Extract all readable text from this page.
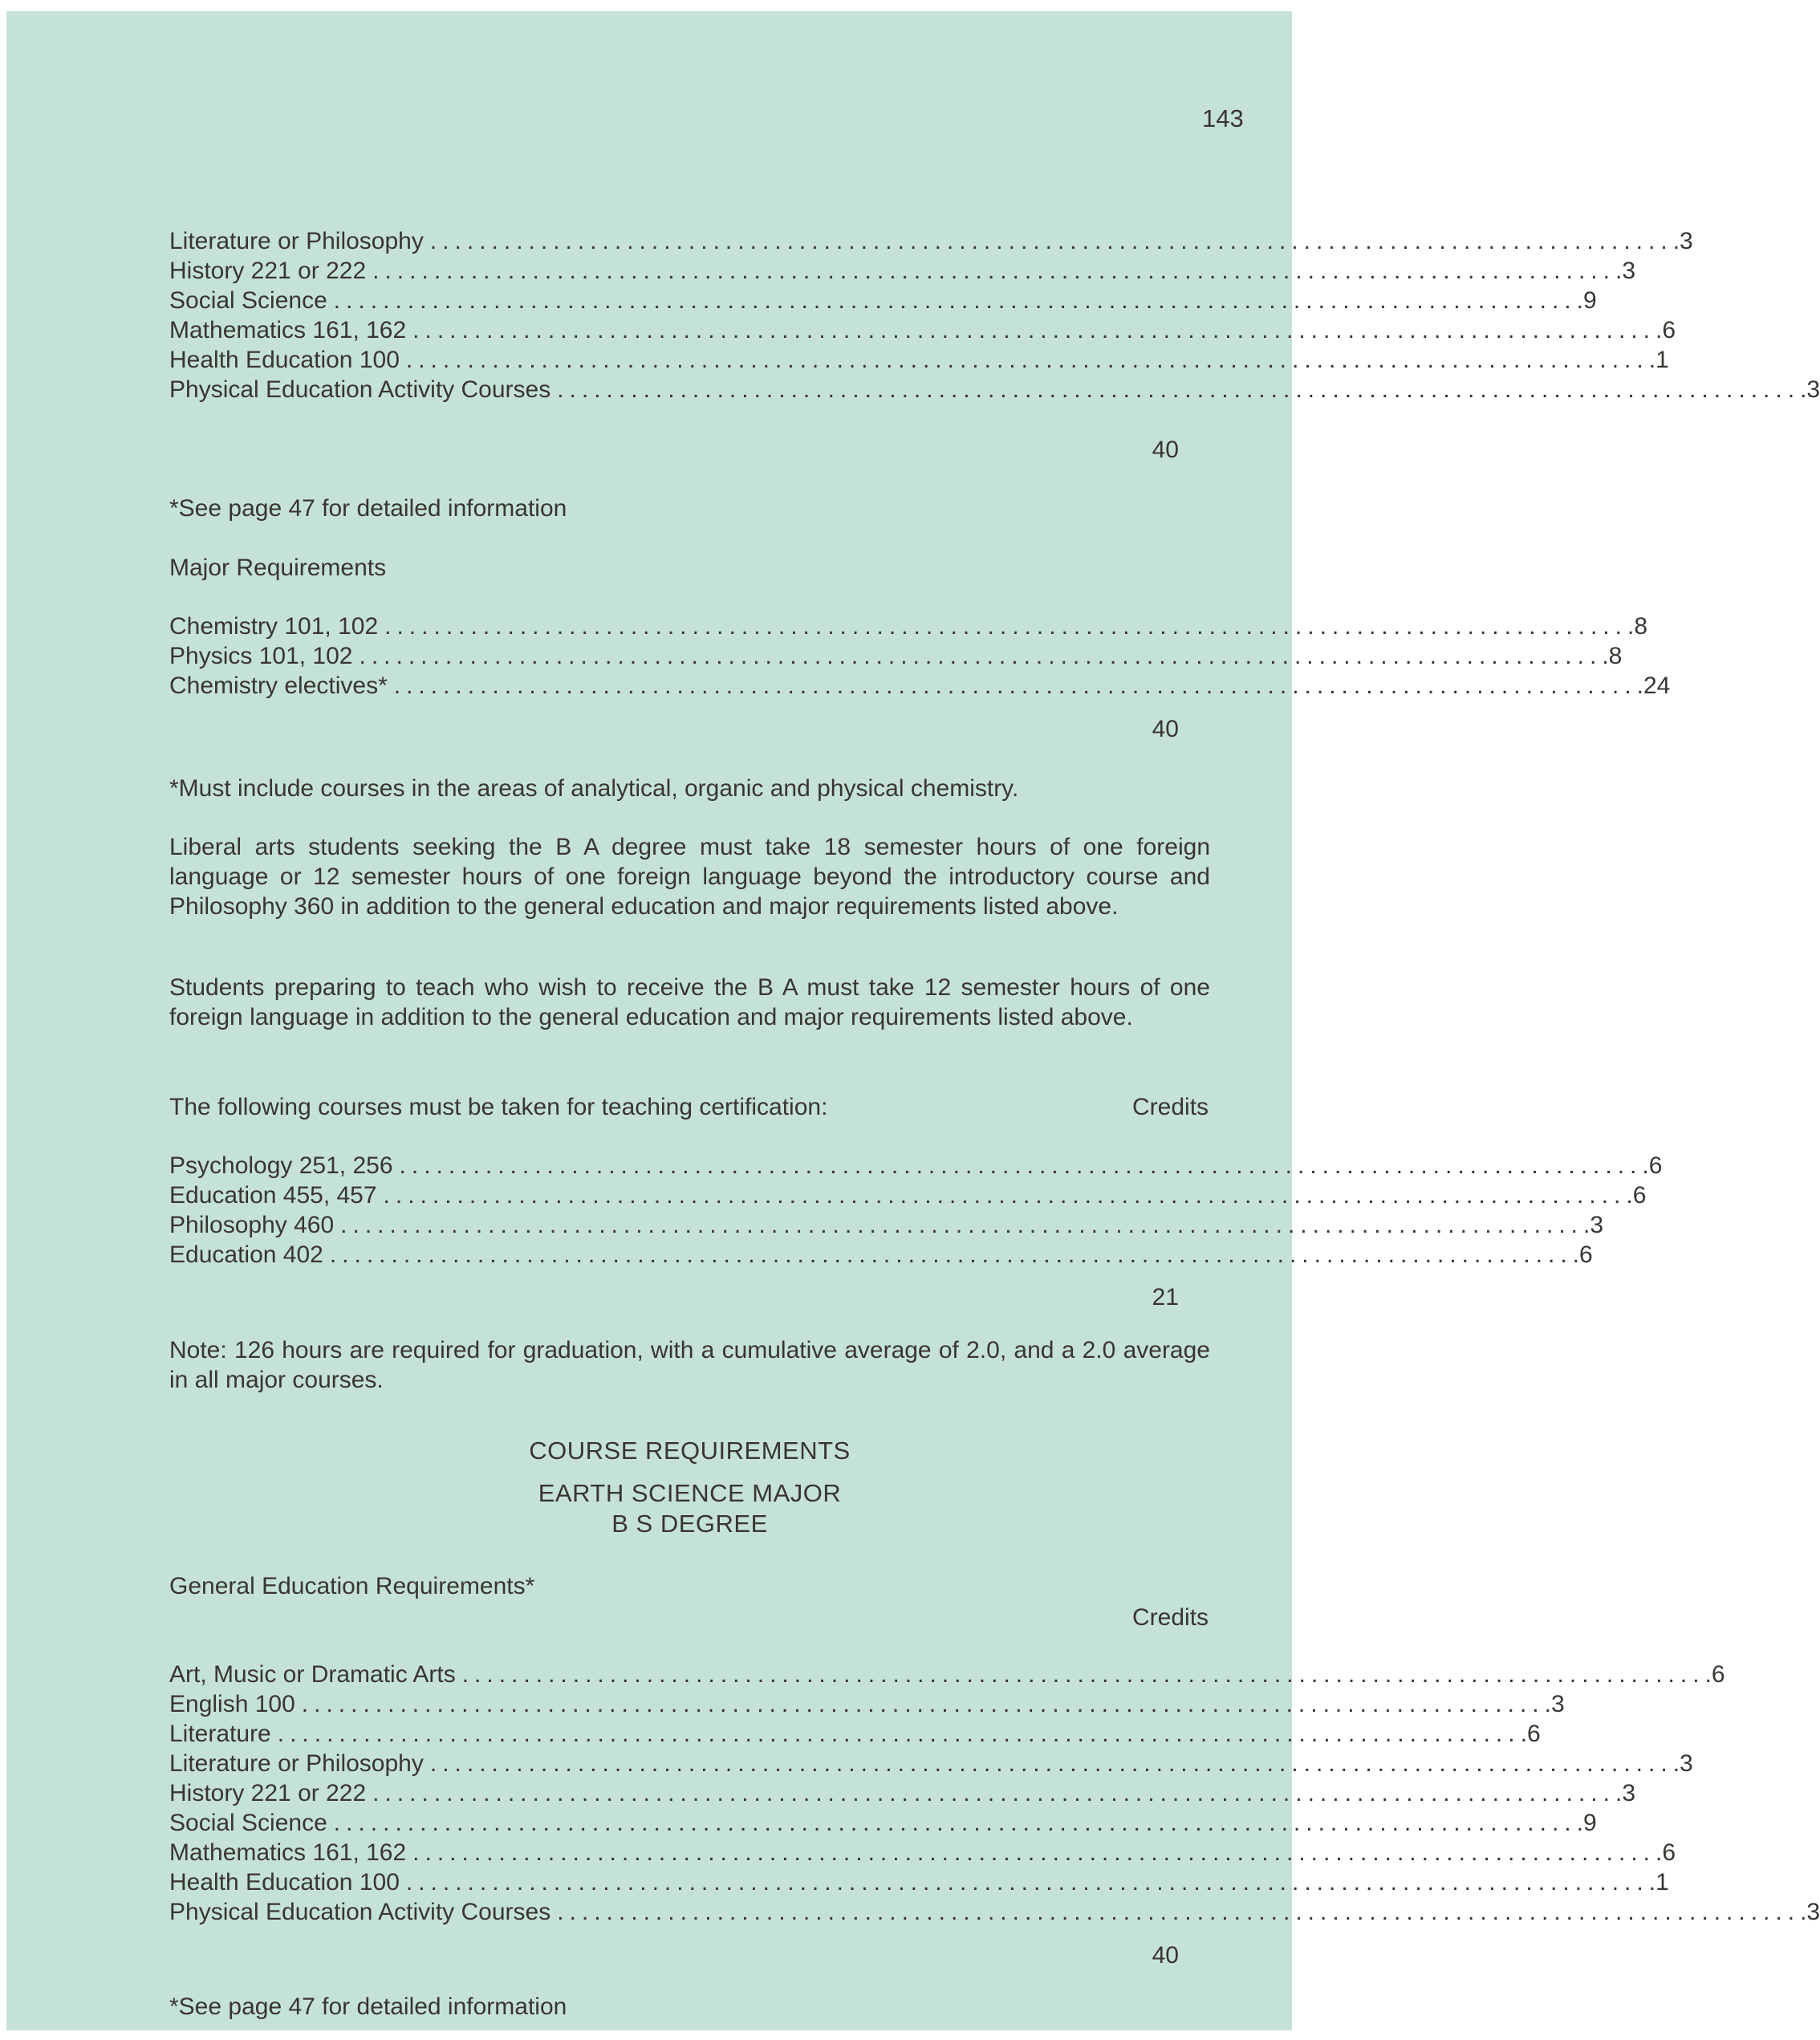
143
Literature or Philosophy ..................................................................................................... .3
History 221 or 222 ..................................................................................................... .3
Social Science ..................................................................................................... .9
Mathematics 161, 162 ..................................................................................................... .6
Health Education 100 ..................................................................................................... .1
Physical Education Activity Courses ..................................................................................................... .3
40
*See page 47 for detailed information
Major Requirements
Chemistry 101, 102 ..................................................................................................... .8
Physics 101, 102 ..................................................................................................... .8
Chemistry electives* ..................................................................................................... .24
40
*Must include courses in the areas of analytical, organic and physical chemistry.
Liberal arts students seeking the B A degree must take 18 semester hours of one foreign language or 12 semester hours of one foreign language beyond the introductory course and Philosophy 360 in addition to the general education and major requirements listed above.
Students preparing to teach who wish to receive the B A must take 12 semester hours of one foreign language in addition to the general education and major requirements listed above.
The following courses must be taken for teaching certification:	Credits
Psychology 251, 256 ..................................................................................................... .6
Education 455, 457 ..................................................................................................... .6
Philosophy 460 ..................................................................................................... .3
Education 402 ..................................................................................................... .6
21
Note: 126 hours are required for graduation, with a cumulative average of 2.0, and a 2.0 average in all major courses.
COURSE REQUIREMENTS
EARTH SCIENCE MAJOR
B S DEGREE
General Education Requirements*
Credits
Art, Music or Dramatic Arts ..................................................................................................... .6
English 100 ..................................................................................................... .3
Literature ..................................................................................................... .6
Literature or Philosophy ..................................................................................................... .3
History 221 or 222 ..................................................................................................... .3
Social Science ..................................................................................................... .9
Mathematics 161, 162 ..................................................................................................... .6
Health Education 100 ..................................................................................................... .1
Physical Education Activity Courses ..................................................................................................... .3
40
*See page 47 for detailed information
